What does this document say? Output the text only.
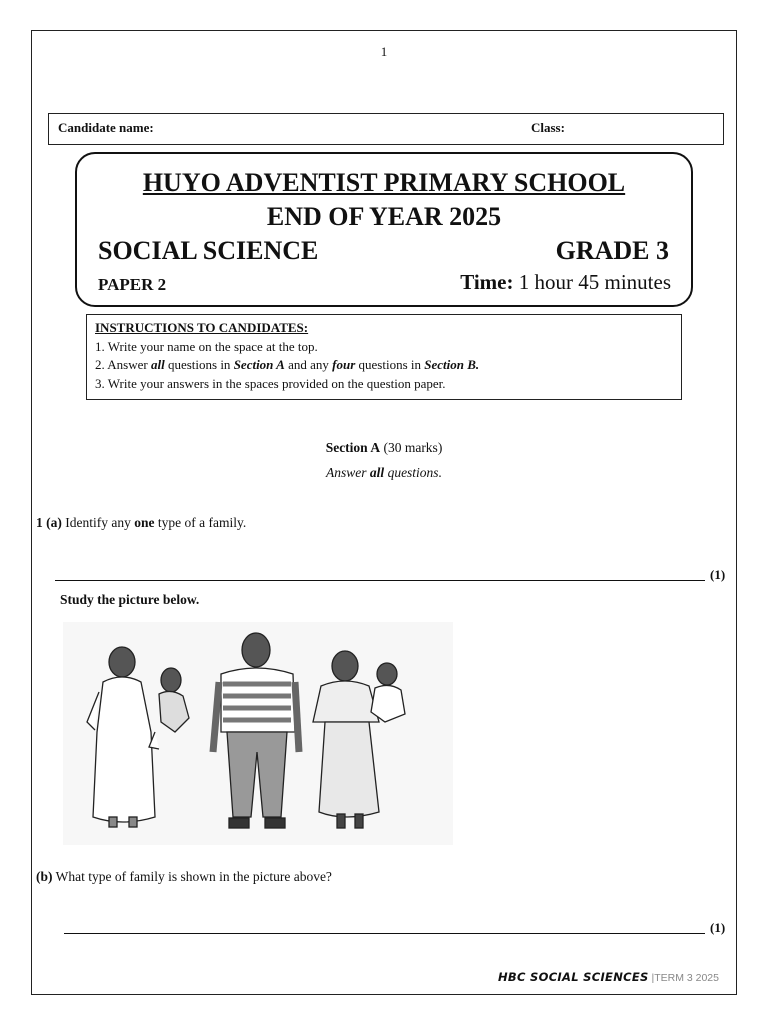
1
Candidate name:	Class:
HUYO ADVENTIST PRIMARY SCHOOL
END OF YEAR 2025
SOCIAL SCIENCE	GRADE 3
PAPER 2	Time: 1 hour 45 minutes
INSTRUCTIONS TO CANDIDATES:
1. Write your name on the space at the top.
2. Answer all questions in Section A and any four questions in Section B.
3. Write your answers in the spaces provided on the question paper.
Section A (30 marks)
Answer all questions.
1 (a) Identify any one type of a family.
(1)
Study the picture below.
(b) What type of family is shown in the picture above?
(1)
HBC SOCIAL SCIENCES |TERM 3 2025
